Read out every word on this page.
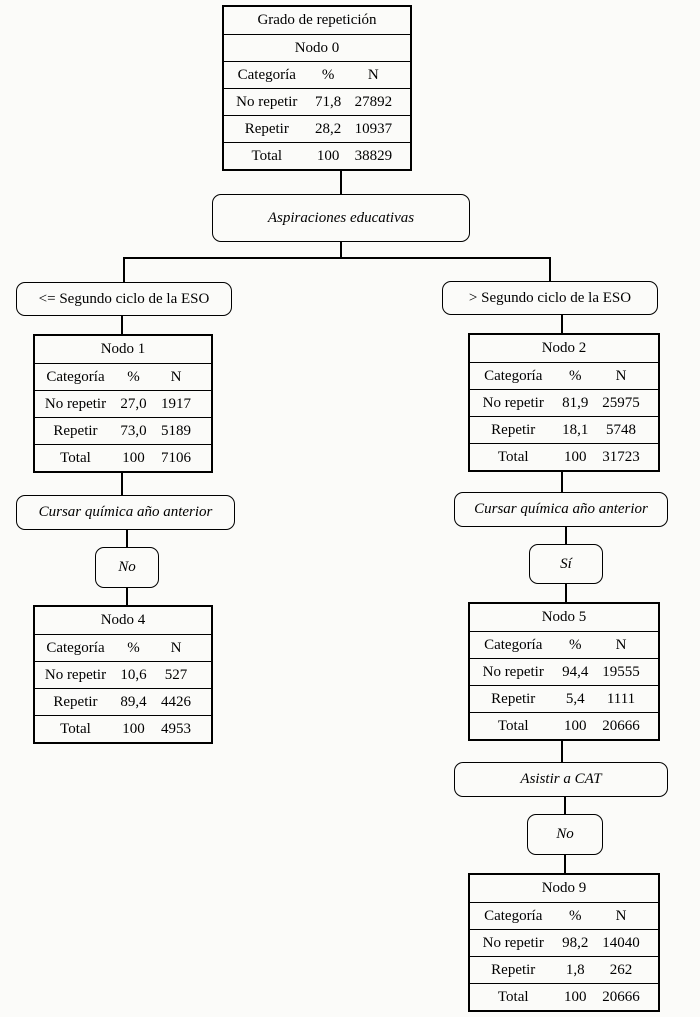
Grado de repetición
Nodo 0
Categoría	%	N
No repetir	71,8 27892
Repetir	28,2 10937
Total	100	38829
Aspiraciones educativas
<= Segundo ciclo de la ESO
Nodo 1
Categoría	%	N
No repetir 27,0 1917
Repetir	73,0 5189
Total	100	7106
Cursar química año anterior
No
Nodo 4
Categoría	%	N
No repetir 10,6	527
Repetir	89,4 4426
Total	100	4953
> Segundo ciclo de la ESO
Nodo 2
Categoría	%	N
No repetir	81,9 25975
Repetir	18,1	5748
Total	100	31723
Cursar química año anterior
Sí
Nodo 5
Categoría	%	N
No repetir	94,4 19555
Repetir	5,4	1111
Total	100	20666
Asistir a CAT
No
Nodo 9
Categoría	%	N
No repetir	98,2 14040
Repetir	1,8	262
Total	100	20666
